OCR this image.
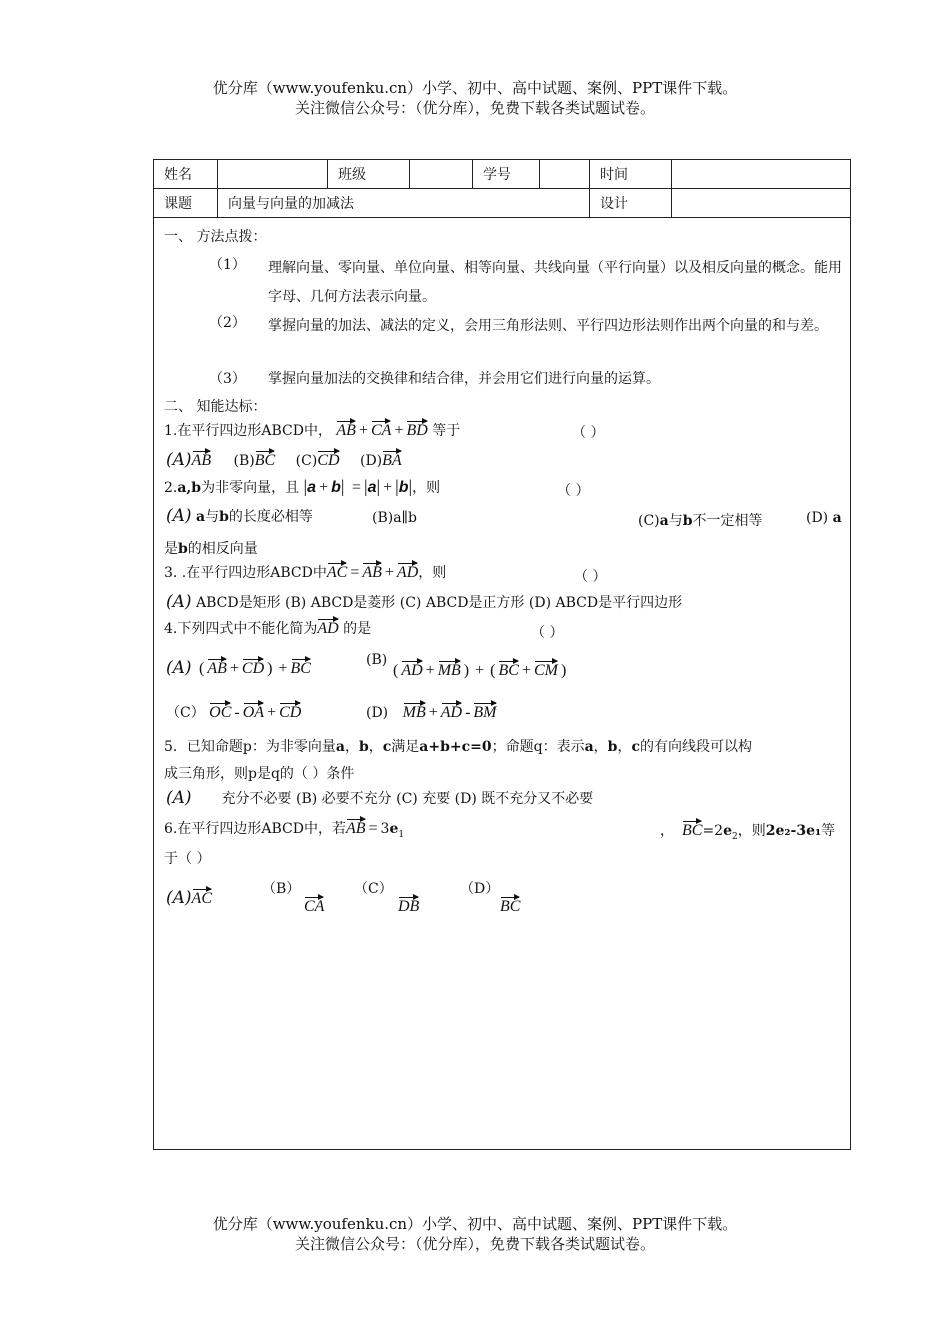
优分库（www.youfenku.cn）小学、初中、高中试题、案例、PPT课件下载。
关注微信公众号：（优分库），免费下载各类试题试卷。
姓名		班级		学号		时间	
课题	向量与向量的加减法					设计	
一、 方法点拨：
（1） 理解向量、零向量、单位向量、相等向量、共线向量（平行向量）以及相反向量的概念。能用字母、几何方法表示向量。
（2） 掌握向量的加法、减法的定义，会用三角形法则、平行四边形法则作出两个向量的和与差。
（3） 掌握向量加法的交换律和结合律，并会用它们进行向量的运算。
二、 知能达标：
1.在平行四边形ABCD中， AB + CA + BD 等于	（ ）
(A)AB (B)BC (C)CD (D)BA
2.a,b为非零向量，且 |a + b| = |a| + |b|，则	（ ）
(A) a与b的长度必相等	(B)a∥b	(C)a与b不一定相等	(D) a
是b的相反向量
3. .在平行四边形ABCD中AC = AB + AD，则	（ ）
(A) ABCD是矩形 (B) ABCD是菱形 (C) ABCD是正方形 (D) ABCD是平行四边形
4.下列四式中不能化简为AD 的是	（ ）
(A) ( AB + CD ) + BC	(B)
( AD + MB ) + ( BC + CM )
（C） OC - OA + CD	(D) MB + AD - BM
5．已知命题p：为非零向量a，b，c满足a+b+c=0；命题q：表示a，b，c的有向线段可以构
成三角形，则p是q的（ ）条件
(A) 充分不必要 (B) 必要不充分 (C) 充要 (D) 既不充分又不必要
6.在平行四边形ABCD中，若AB = $3e_1$	， $BC=2e_2$，则2e₂-3e₁等
于（ ）
(A)AC
（B）
CA
（C）
DB
（D）
BC
优分库（www.youfenku.cn）小学、初中、高中试题、案例、PPT课件下载。
关注微信公众号：（优分库），免费下载各类试题试卷。
